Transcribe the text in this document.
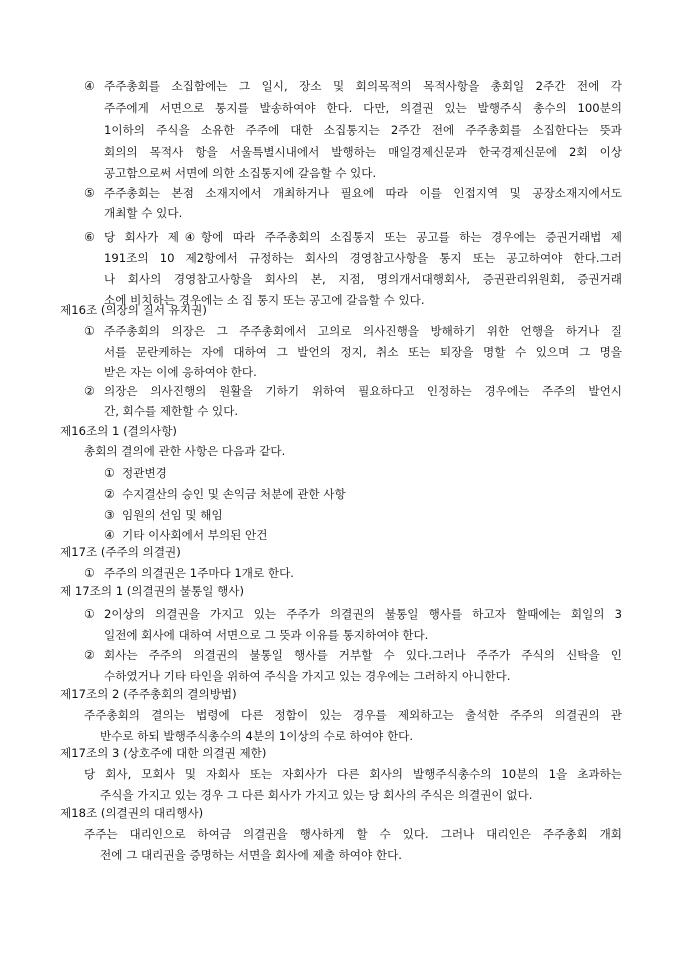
④ 주주총회를 소집함에는 그 일시, 장소 및 회의목적의 목적사항을 총회일 2주간 전에 각
주주에게 서면으로 통지를 발송하여야 한다. 다만, 의결권 있는 발행주식 총수의 100분의
1이하의 주식을 소유한 주주에 대한 소집통지는 2주간 전에 주주총회를 소집한다는 뜻과
회의의 목적사 항을 서울특별시내에서 발행하는 매일경제신문과 한국경제신문에 2회 이상
공고함으로써 서면에 의한 소집통지에 갈음할 수 있다.
⑤ 주주총회는 본점 소재지에서 개최하거나 필요에 따라 이를 인접지역 및 공장소재지에서도
개최할 수 있다.
⑥ 당 회사가 제④항에 따라 주주총회의 소집통지 또는 공고를 하는 경우에는 증권거래법 제
191조의 10 제2항에서 규정하는 회사의 경영참고사항을 통지 또는 공고하여야 한다.그러
나 회사의 경영참고사항을 회사의 본, 지점, 명의개서대행회사, 증권관리위원회, 증권거래
소에 비치하는 경우에는 소 집 통지 또는 공고에 갈음할 수 있다.
제16조 (의장의 질서 유지권)
① 주주총회의 의장은 그 주주총회에서 고의로 의사진행을 방해하기 위한 언행을 하거나 질
서를 문란케하는 자에 대하여 그 발언의 정지, 취소 또는 퇴장을 명할 수 있으며 그 명을
받은 자는 이에 응하여야 한다.
② 의장은 의사진행의 원활을 기하기 위하여 필요하다고 인정하는 경우에는 주주의 발언시
간, 회수를 제한할 수 있다.
제16조의 1 (결의사항)
총회의 결의에 관한 사항은 다음과 같다.
① 정관변경
② 수지결산의 승인 및 손익금 처분에 관한 사항
③ 임원의 선임 및 해임
④ 기타 이사회에서 부의된 안건
제17조 (주주의 의결권)
① 주주의 의결권은 1주마다 1개로 한다.
제 17조의 1 (의결권의 불통일 행사)
① 2이상의 의결권을 가지고 있는 주주가 의결권의 불통일 행사를 하고자 할때에는 회일의 3
일전에 회사에 대하여 서면으로 그 뜻과 이유를 통지하여야 한다.
② 회사는 주주의 의결권의 불통일 행사를 거부할 수 있다.그러나 주주가 주식의 신탁을 인
수하였거나 기타 타인을 위하여 주식을 가지고 있는 경우에는 그러하지 아니한다.
제17조의 2 (주주총회의 결의방법)
주주총회의 결의는 법령에 다른 정함이 있는 경우를 제외하고는 출석한 주주의 의결권의 관
반수로 하되 발행주식총수의 4분의 1이상의 수로 하여야 한다.
제17조의 3 (상호주에 대한 의결권 제한)
당 회사, 모회사 및 자회사 또는 자회사가 다른 회사의 발행주식총수의 10분의 1을 초과하는
주식을 가지고 있는 경우 그 다른 회사가 가지고 있는 당 회사의 주식은 의결권이 없다.
제18조 (의결권의 대리행사)
주주는 대리인으로 하여금 의결권을 행사하게 할 수 있다. 그러나 대리인은 주주총회 개회
전에 그 대리권을 증명하는 서면을 회사에 제출 하여야 한다.
